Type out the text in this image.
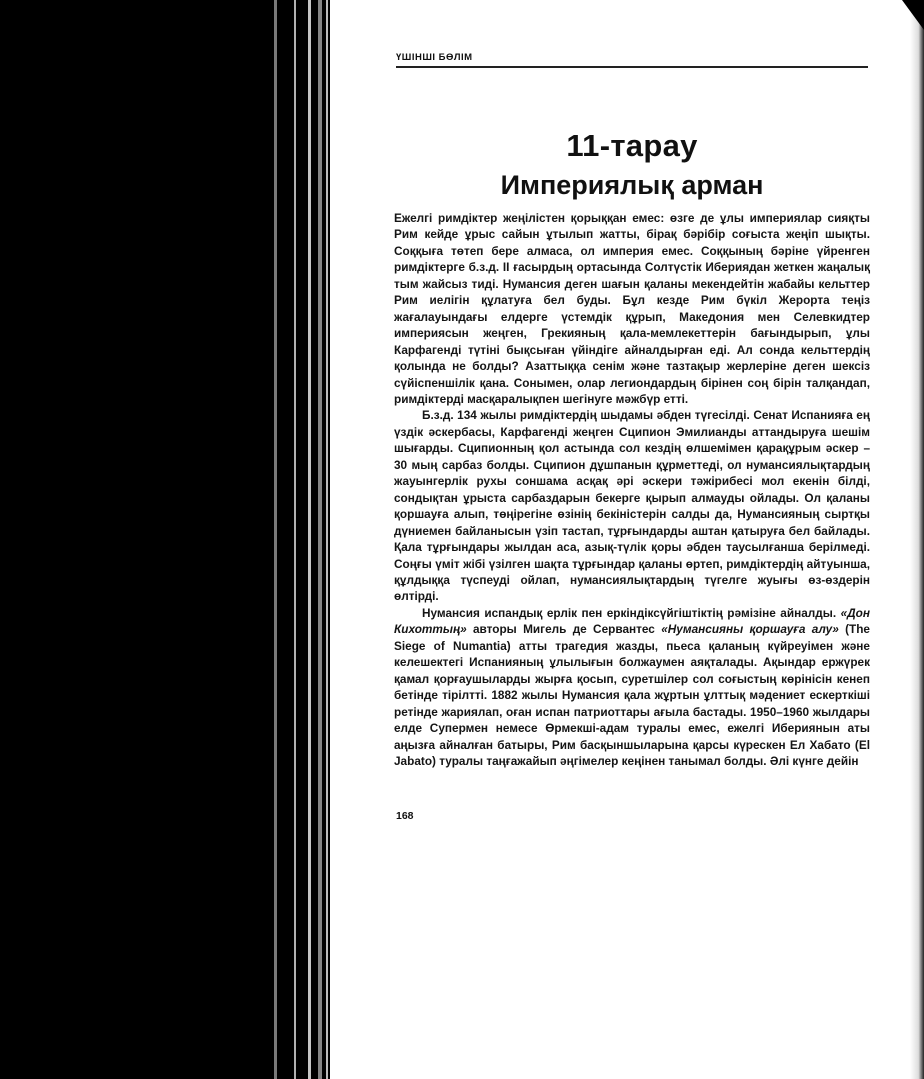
ҮШІНШІ БӨЛІМ
11-тарау
Империялық арман

Ежелгі римдіктер жеңілістен қорыққан емес: өзге де ұлы империялар сияқты Рим кейде ұрыс сайын ұтылып жатты, бірақ бәрібір соғыста жеңіп шықты. Соққыға төтеп бере алмаса, ол империя емес. Соққының бәріне үйренген римдіктерге б.з.д. II ғасырдың ортасында Солтүстік Ибериядан жеткен жаңалық тым жайсыз тиді. Нумансия деген шағын қаланы мекендейтін жабайы кельттер Рим иелігін құлатуға бел буды. Бұл кезде Рим бүкіл Жерорта теңіз жағалауындағы елдерге үстемдік құрып, Македония мен Селевкидтер империясын жеңген, Грекияның қала-мемлекеттерін бағындырып, ұлы Карфагенді түтіні бықсыған үйіндіге айналдырған еді. Ал сонда кельттердің қолында не болды? Азаттыққа сенім және тазтақыр жерлеріне деген шексіз сүйіспеншілік қана. Сонымен, олар легиондардың бірінен соң бірін талқандап, римдіктерді масқаралықпен шегінуге мәжбүр етті.

Б.з.д. 134 жылы римдіктердің шыдамы әбден түгесілді. Сенат Испанияға ең үздік әскербасы, Карфагенді жеңген Сципион Эмилианды аттандыруға шешім шығарды. Сципионның қол астында сол кездің өлшемімен қарақұрым әскер – 30 мың сарбаз болды. Сципион дұшпанын құрметтеді, ол нумансиялықтардың жауынгерлік рухы соншама асқақ әрі әскери тәжірибесі мол екенін білді, сондықтан ұрыста сарбаздарын бекерге қырып алмауды ойлады. Ол қаланы қоршауға алып, төңірегіне өзінің бекіністерін салды да, Нумансияның сыртқы дүниемен байланысын үзіп тастап, тұрғындарды аштан қатыруға бел байлады. Қала тұрғындары жылдан аса, азық-түлік қоры әбден таусылғанша берілмеді. Соңғы үміт жібі үзілген шақта тұрғындар қаланы өртеп, римдіктердің айтуынша, құлдыққа түспеуді ойлап, нумансиялықтардың түгелге жуығы өз-өздерін өлтірді.

Нумансия испандық ерлік пен еркіндіксүйгіштіктің рәмізіне айналды. «Дон Кихоттың» авторы Мигель де Сервантес «Нумансияны қоршауға алу» (The Siege of Numantia) атты трагедия жазды, пьеса қаланың күйреуімен және келешектегі Испанияның ұлылығын болжаумен аяқталады. Ақындар ержүрек қамал қорғаушыларды жырға қосып, суретшілер сол соғыстың көрінісін кенеп бетінде тірілтті. 1882 жылы Нумансия қала жұртын ұлттық мәдениет ескерткіші ретінде жариялап, оған испан патриоттары ағыла бастады. 1950–1960 жылдары елде Супермен немесе Өрмекші-адам туралы емес, ежелгі Ибериянын аты аңызға айналған батыры, Рим басқыншыларына қарсы күрескен Ел Хабато (El Jabato) туралы таңғажайып әңгімелер кеңінен танымал болды. Әлі күнге дейін

168
